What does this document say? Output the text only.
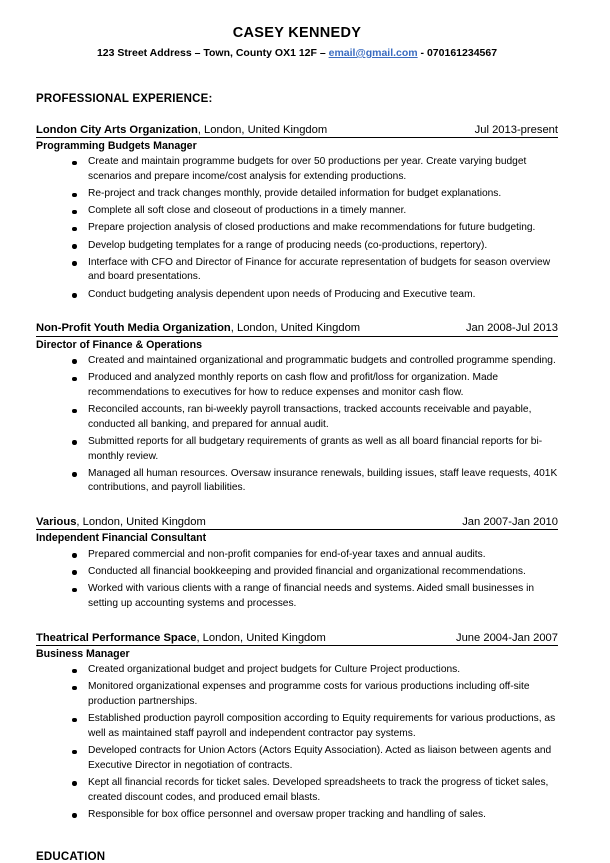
CASEY KENNEDY
123 Street Address – Town, County OX1 12F – email@gmail.com - 070161234567
PROFESSIONAL EXPERIENCE:
London City Arts Organization, London, United Kingdom	Jul 2013-present
Programming Budgets Manager
Create and maintain programme budgets for over 50 productions per year. Create varying budget scenarios and prepare income/cost analysis for extending productions.
Re-project and track changes monthly, provide detailed information for budget explanations.
Complete all soft close and closeout of productions in a timely manner.
Prepare projection analysis of closed productions and make recommendations for future budgeting.
Develop budgeting templates for a range of producing needs (co-productions, repertory).
Interface with CFO and Director of Finance for accurate representation of budgets for season overview and board presentations.
Conduct budgeting analysis dependent upon needs of Producing and Executive team.
Non-Profit Youth Media Organization, London, United Kingdom	Jan 2008-Jul 2013
Director of Finance & Operations
Created and maintained organizational and programmatic budgets and controlled programme spending.
Produced and analyzed monthly reports on cash flow and profit/loss for organization. Made recommendations to executives for how to reduce expenses and monitor cash flow.
Reconciled accounts, ran bi-weekly payroll transactions, tracked accounts receivable and payable, conducted all banking, and prepared for annual audit.
Submitted reports for all budgetary requirements of grants as well as all board financial reports for bi-monthly review.
Managed all human resources. Oversaw insurance renewals, building issues, staff leave requests, 401K contributions, and payroll liabilities.
Various, London, United Kingdom	Jan 2007-Jan 2010
Independent Financial Consultant
Prepared commercial and non-profit companies for end-of-year taxes and annual audits.
Conducted all financial bookkeeping and provided financial and organizational recommendations.
Worked with various clients with a range of financial needs and systems. Aided small businesses in setting up accounting systems and processes.
Theatrical Performance Space, London, United Kingdom	June 2004-Jan 2007
Business Manager
Created organizational budget and project budgets for Culture Project productions.
Monitored organizational expenses and programme costs for various productions including off-site production partnerships.
Established production payroll composition according to Equity requirements for various productions, as well as maintained staff payroll and independent contractor pay systems.
Developed contracts for Union Actors (Actors Equity Association). Acted as liaison between agents and Executive Director in negotiation of contracts.
Kept all financial records for ticket sales. Developed spreadsheets to track the progress of ticket sales, created discount codes, and produced email blasts.
Responsible for box office personnel and oversaw proper tracking and handling of sales.
EDUCATION
